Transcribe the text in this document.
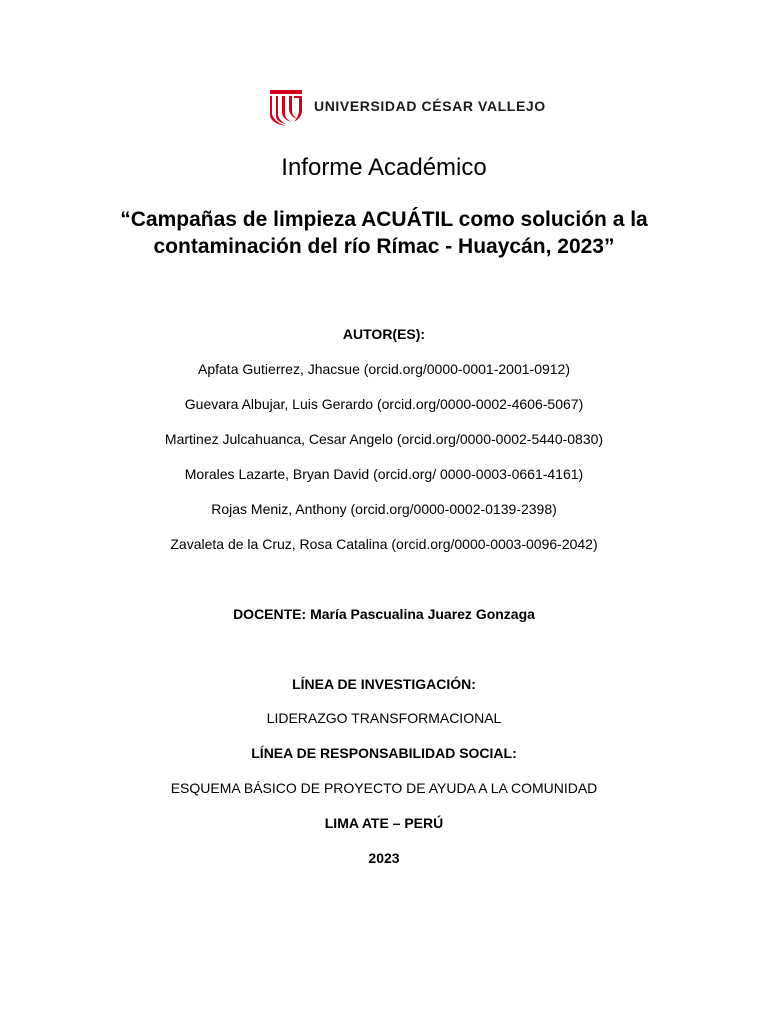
UNIVERSIDAD CÉSAR VALLEJO
Informe Académico
“Campañas de limpieza ACUÁTIL como solución a la contaminación del río Rímac - Huaycán, 2023”
AUTOR(ES):
Apfata Gutierrez, Jhacsue (orcid.org/0000-0001-2001-0912)
Guevara Albujar, Luis Gerardo (orcid.org/0000-0002-4606-5067)
Martinez Julcahuanca, Cesar Angelo (orcid.org/0000-0002-5440-0830)
Morales Lazarte, Bryan David (orcid.org/ 0000-0003-0661-4161)
Rojas Meniz, Anthony (orcid.org/0000-0002-0139-2398)
Zavaleta de la Cruz, Rosa Catalina (orcid.org/0000-0003-0096-2042)
DOCENTE: María Pascualina Juarez Gonzaga
LÍNEA DE INVESTIGACIÓN:
LIDERAZGO TRANSFORMACIONAL
LÍNEA DE RESPONSABILIDAD SOCIAL:
ESQUEMA BÁSICO DE PROYECTO DE AYUDA A LA COMUNIDAD
LIMA ATE – PERÚ
2023
